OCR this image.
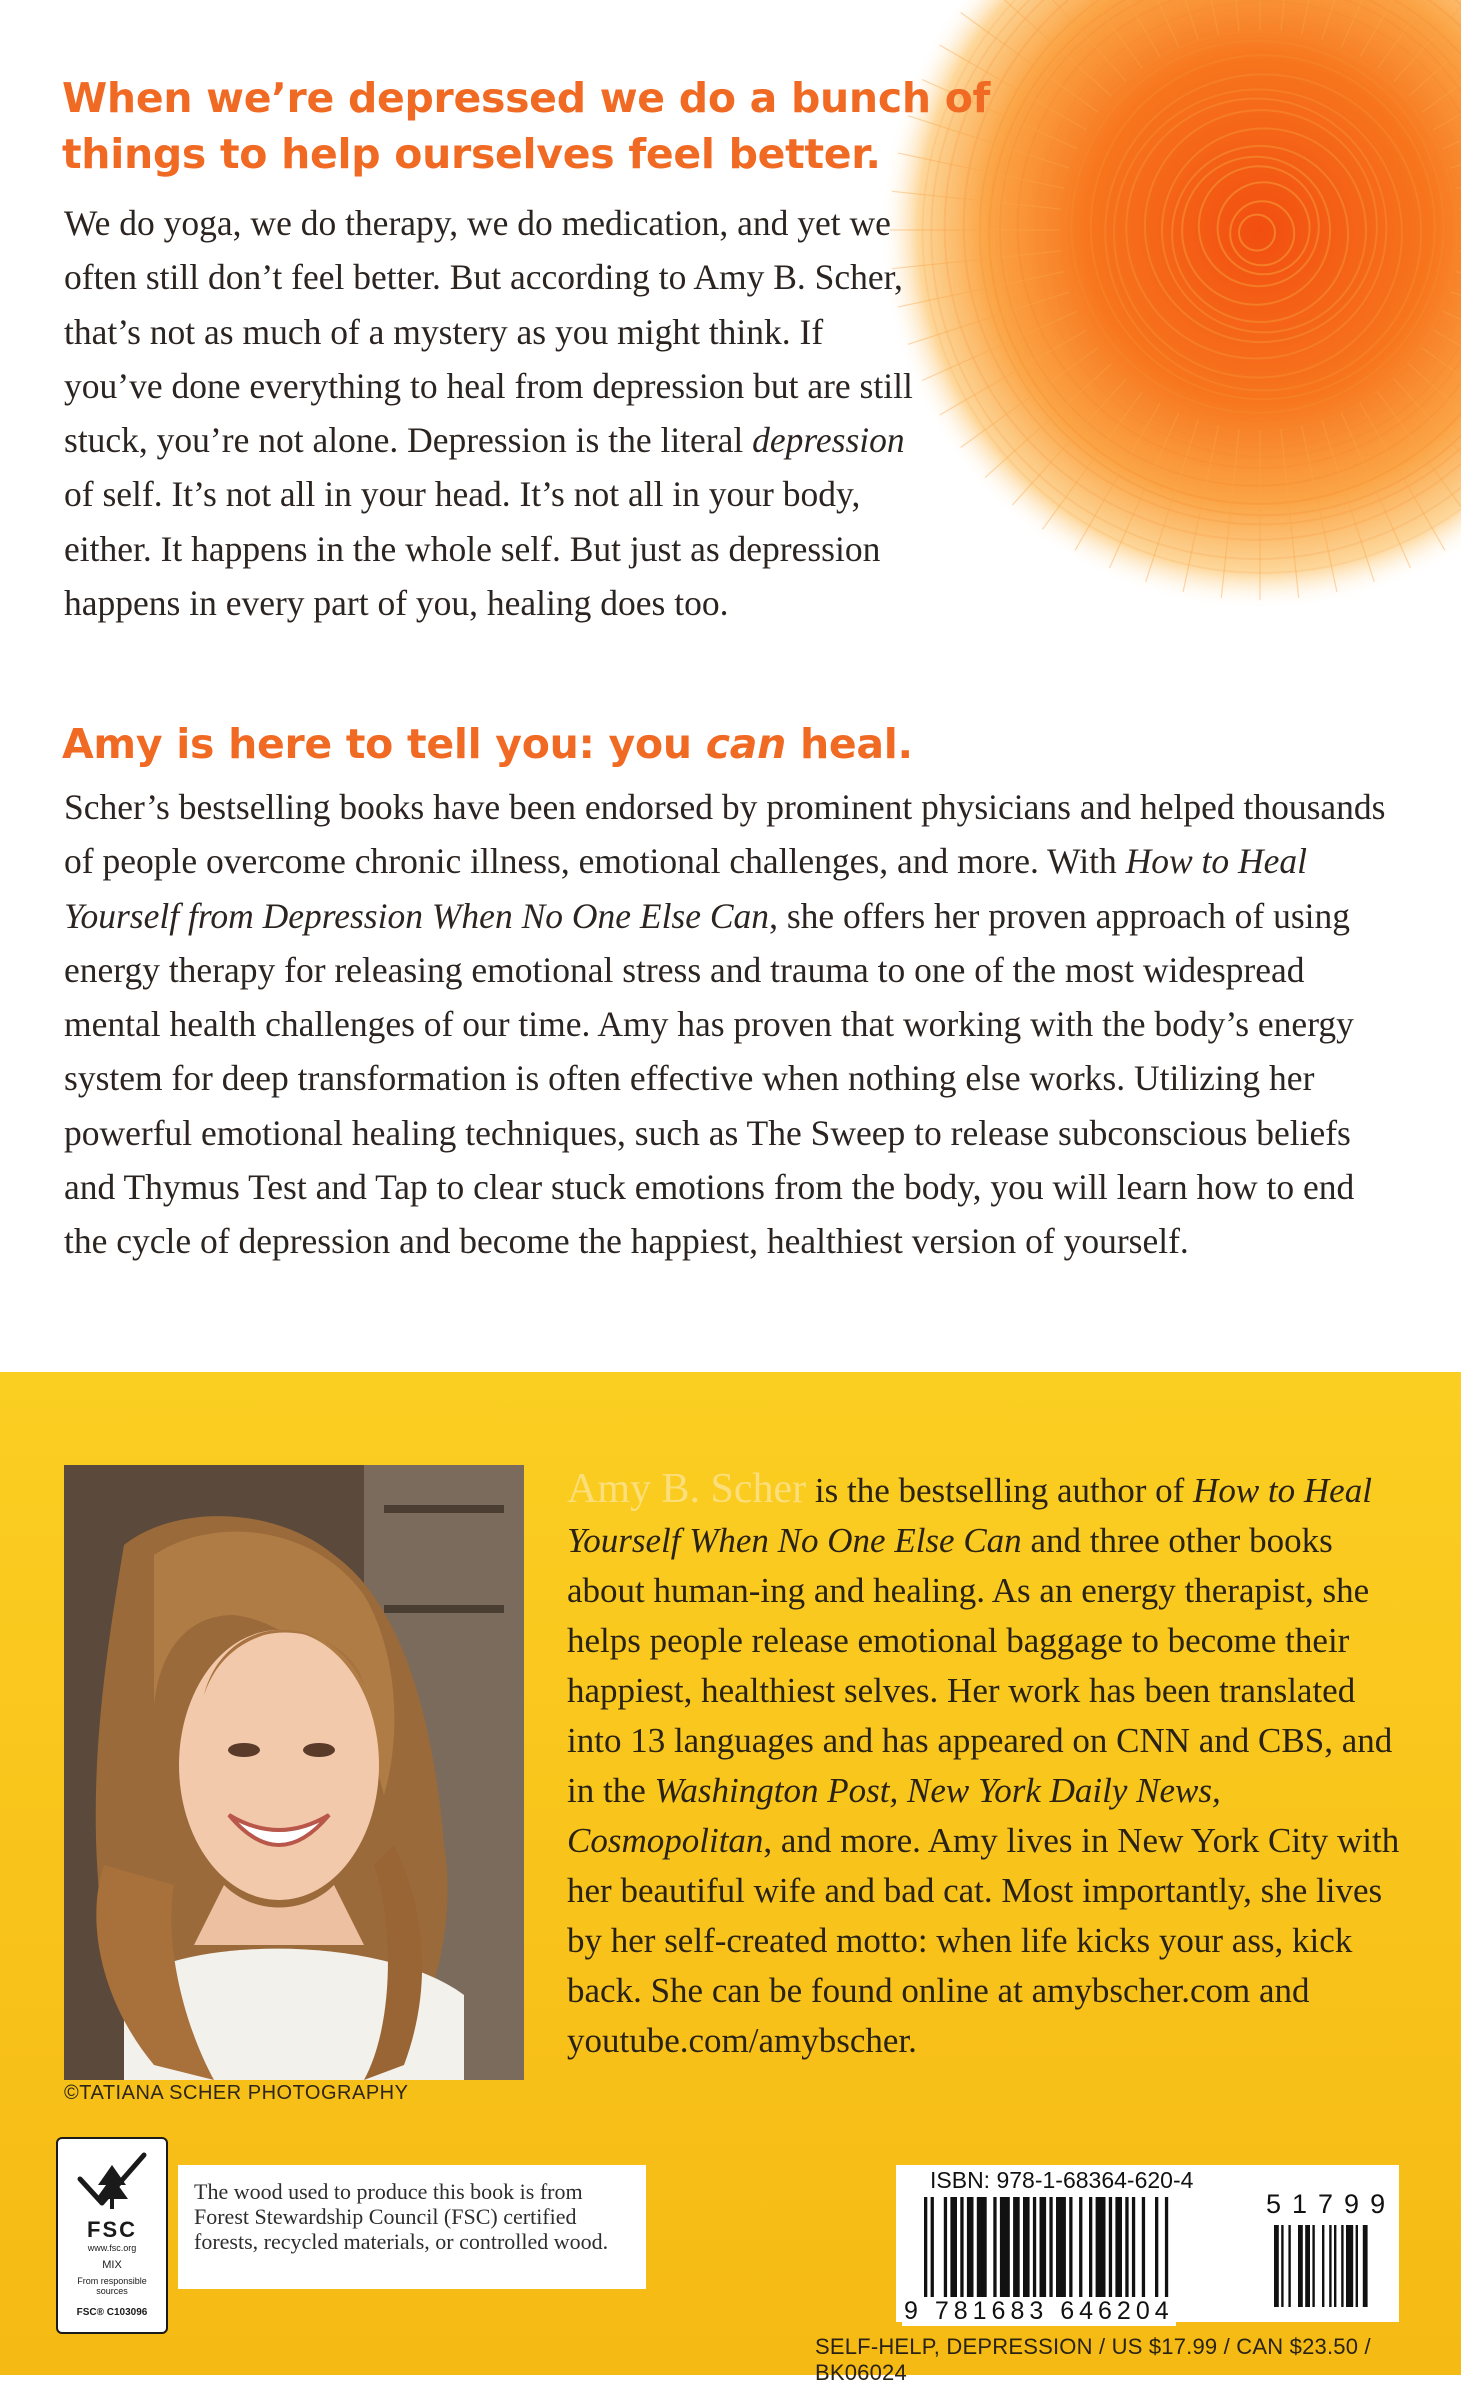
When we’re depressed we do a bunch of
things to help ourselves feel better.

We do yoga, we do therapy, we do medication, and yet we often still don’t feel better. But according to Amy B. Scher, that’s not as much of a mystery as you might think. If you’ve done everything to heal from depression but are still stuck, you’re not alone. Depression is the literal depression of self. It’s not all in your head. It’s not all in your body, either. It happens in the whole self. But just as depression happens in every part of you, healing does too.

Amy is here to tell you: you can heal.

Scher’s bestselling books have been endorsed by prominent physicians and helped thousands of people overcome chronic illness, emotional challenges, and more. With How to Heal Yourself from Depression When No One Else Can, she offers her proven approach of using energy therapy for releasing emotional stress and trauma to one of the most widespread mental health challenges of our time. Amy has proven that working with the body’s energy system for deep transformation is often effective when nothing else works. Utilizing her powerful emotional healing techniques, such as The Sweep to release subconscious beliefs and Thymus Test and Tap to clear stuck emotions from the body, you will learn how to end the cycle of depression and become the happiest, healthiest version of yourself.

©TATIANA SCHER PHOTOGRAPHY

Amy B. Scher is the bestselling author of How to Heal Yourself When No One Else Can and three other books about human-ing and healing. As an energy therapist, she helps people release emotional baggage to become their happiest, healthiest selves. Her work has been translated into 13 languages and has appeared on CNN and CBS, and in the Washington Post, New York Daily News, Cosmopolitan, and more. Amy lives in New York City with her beautiful wife and bad cat. Most importantly, she lives by her self-created motto: when life kicks your ass, kick back. She can be found online at amybscher.com and youtube.com/amybscher.

FSC

www.fsc.org

MIX

From responsible sources

FSC® C103096

The wood used to produce this book is from Forest Stewardship Council (FSC) certified forests, recycled materials, or controlled wood.

ISBN: 978-1-68364-620-4

51799

9 781683 646204

SELF-HELP, DEPRESSION / US $17.99 / CAN $23.50 / BK06024
